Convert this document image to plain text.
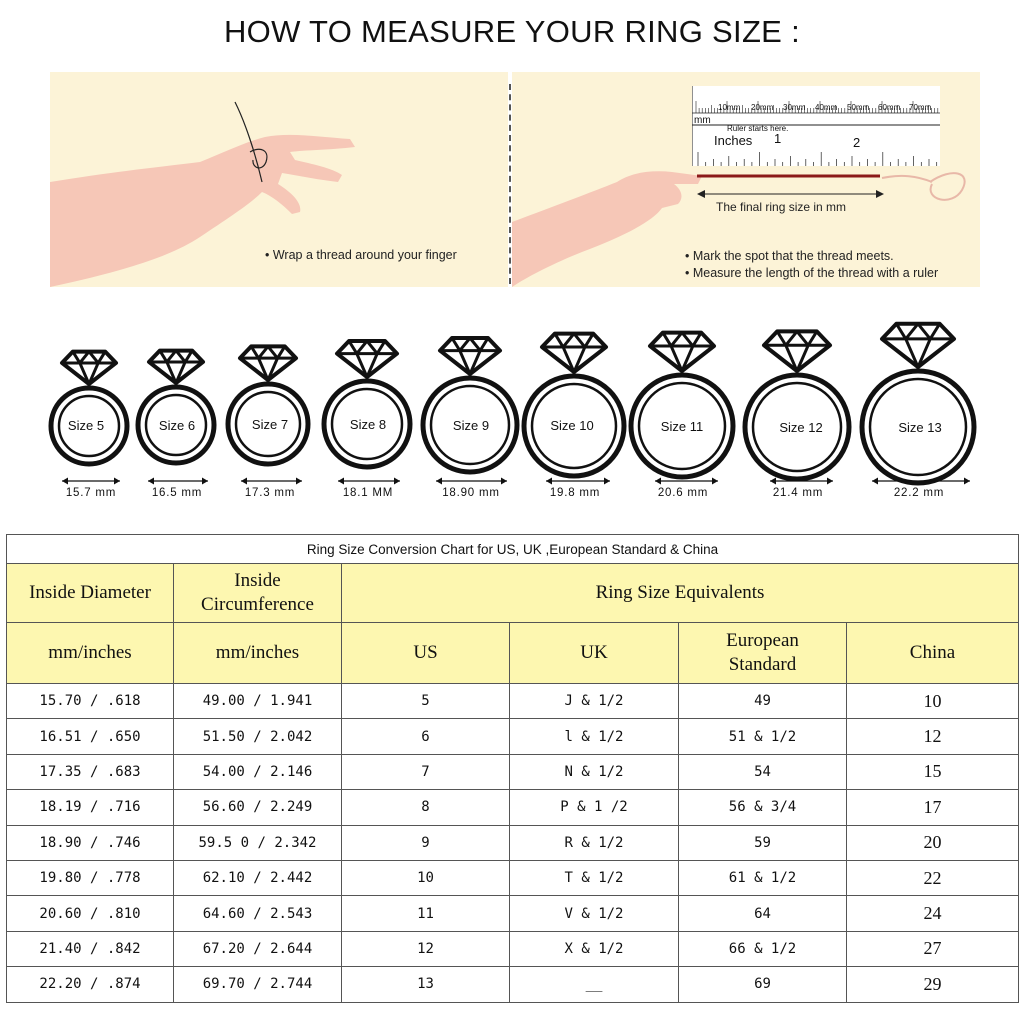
HOW TO MEASURE YOUR RING SIZE :
• Wrap a thread around your finger	• Mark the spot that the thread meets.
• Measure the length of the thread with a ruler
mm
Ruler starts here.
Inches
10mm 20mm 30mm 40mm 50mm 60mm 70mm
1	2
The final ring size in mm
Size 5	Size 6	Size 7	Size 8	Size 9	Size 10	Size 11	Size 12	Size 13
15.7 mm	16.5 mm	17.3 mm	18.1 MM	18.90 mm	19.8 mm	20.6 mm	21.4 mm	22.2 mm
Ring Size Conversion Chart for US, UK ,European Standard & China					
Inside Diameter	Inside Circumference	Ring Size Equivalents			
mm/inches	mm/inches	US	UK	European Standard	China
15.70 / .618	49.00 / 1.941	5	J & 1/2	49	10
16.51 / .650	51.50 / 2.042	6	l & 1/2	51 & 1/2	12
17.35 / .683	54.00 / 2.146	7	N & 1/2	54	15
18.19 / .716	56.60 / 2.249	8	P & 1 /2	56 & 3/4	17
18.90 / .746	59.5 0 / 2.342	9	R & 1/2	59	20
19.80 / .778	62.10 / 2.442	10	T & 1/2	61 & 1/2	22
20.60 / .810	64.60 / 2.543	11	V & 1/2	64	24
21.40 / .842	67.20 / 2.644	12	X & 1/2	66 & 1/2	27
22.20 / .874	69.70 / 2.744	13	__	69	29
